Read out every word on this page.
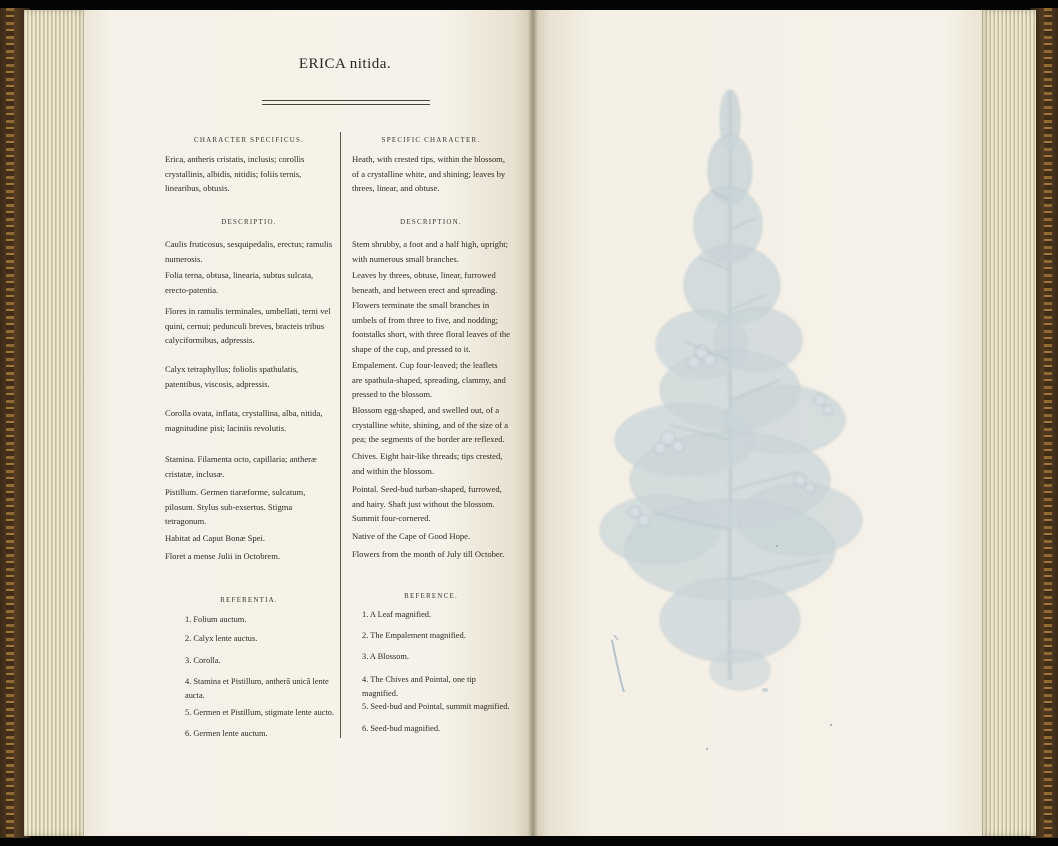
ERICA nitida.
CHARACTER SPECIFICUS.
Erica, antheris cristatis, inclusis; corollis crystallinis, albidis, nitidis; foliis ternis, linearibus, obtusis.
DESCRIPTIO.
Caulis fruticosus, sesquipedalis, erectus; ramulis numerosis.
Folia terna, obtusa, linearia, subtus sulcata, erecto-patentia.
Flores in ramulis terminales, umbellati, terni vel quini, cernui; pedunculi breves, bracteis tribus calyciformibus, adpressis.
Calyx tetraphyllus; foliolis spathulatis, patentibus, viscosis, adpressis.
Corolla ovata, inflata, crystallina, alba, nitida, magnitudine pisi; laciniis revolutis.
Stamina. Filamenta octo, capillaria; antheræ cristatæ, inclusæ.
Pistillum. Germen tiaræforme, sulcatum, pilosum. Stylus sub-exsertus. Stigma tetragonum.
Habitat ad Caput Bonæ Spei.
Floret a mense Julii in Octobrem.
REFERENTIA.
1. Folium auctum.
2. Calyx lente auctus.
3. Corolla.
4. Stamina et Pistillum, antherâ unicâ lente aucta.
5. Germen et Pistillum, stigmate lente aucto.
6. Germen lente auctum.
SPECIFIC CHARACTER.
Heath, with crested tips, within the blossom, of a crystalline white, and shining; leaves by threes, linear, and obtuse.
DESCRIPTION.
Stem shrubby, a foot and a half high, upright; with numerous small branches.
Leaves by threes, obtuse, linear, furrowed beneath, and between erect and spreading.
Flowers terminate the small branches in umbels of from three to five, and nodding; footstalks short, with three floral leaves of the shape of the cup, and pressed to it.
Empalement. Cup four-leaved; the leaflets are spathula-shaped, spreading, clammy, and pressed to the blossom.
Blossom egg-shaped, and swelled out, of a crystalline white, shining, and of the size of a pea; the segments of the border are reflexed.
Chives. Eight hair-like threads; tips crested, and within the blossom.
Pointal. Seed-bud turban-shaped, furrowed, and hairy. Shaft just without the blossom. Summit four-cornered.
Native of the Cape of Good Hope.
Flowers from the month of July till October.
REFERENCE.
1. A Leaf magnified.
2. The Empalement magnified.
3. A Blossom.
4. The Chives and Pointal, one tip magnified.
5. Seed-bud and Pointal, summit magnified.
6. Seed-bud magnified.
